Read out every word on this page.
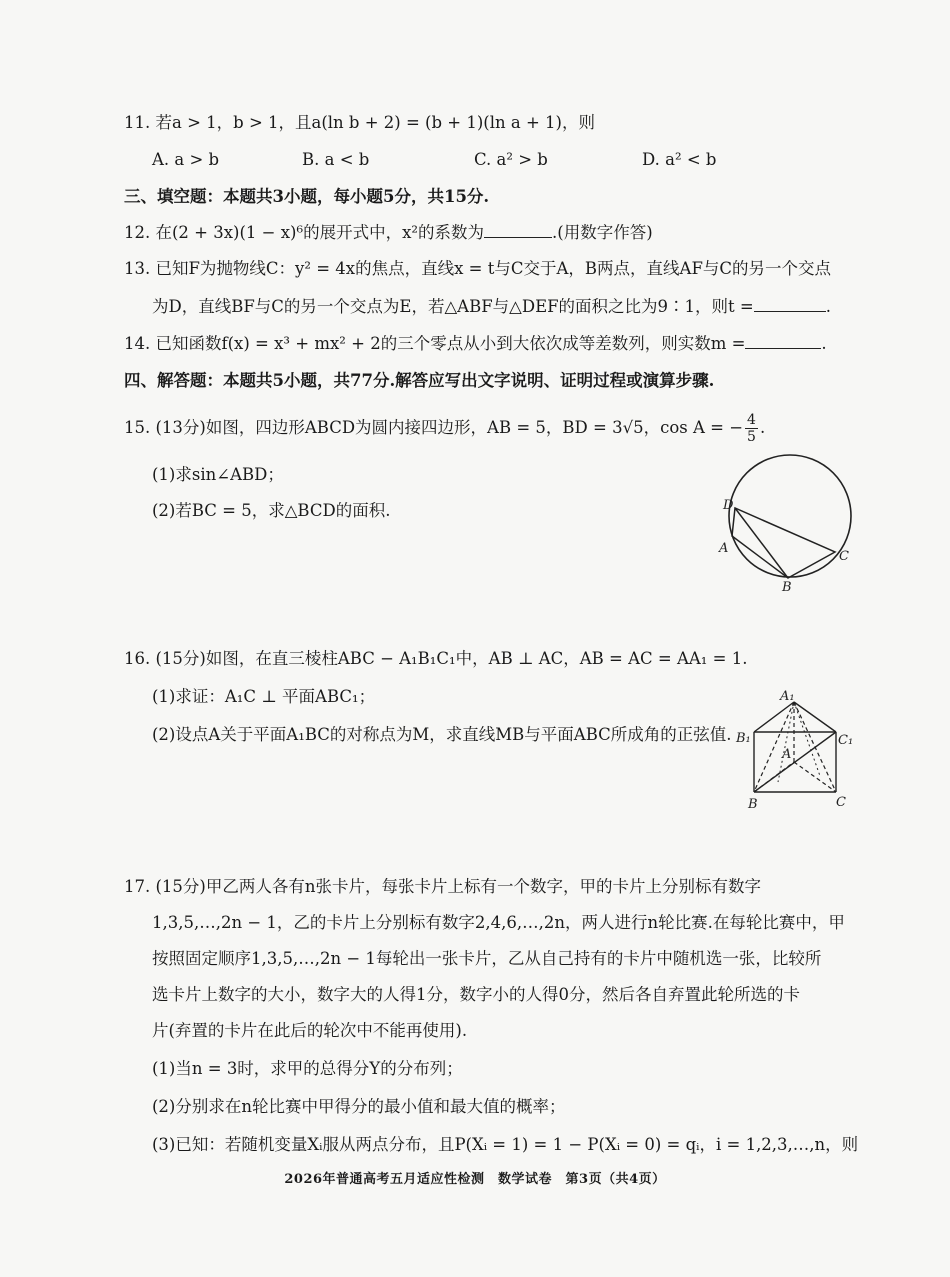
11. 若a > 1，b > 1，且a(ln b + 2) = (b + 1)(ln a + 1)，则
A. a > b	B. a < b	C. a² > b	D. a² < b
三、填空题：本题共3小题，每小题5分，共15分.
12. 在(2 + 3x)(1 − x)⁶的展开式中，x²的系数为	.(用数字作答)
13. 已知F为抛物线C：y² = 4x的焦点，直线x = t与C交于A，B两点，直线AF与C的另一个交点
为D，直线BF与C的另一个交点为E，若△ABF与△DEF的面积之比为9∶1，则t =	.
14. 已知函数f(x) = x³ + mx² + 2的三个零点从小到大依次成等差数列，则实数m =	.
四、解答题：本题共5小题，共77分.解答应写出文字说明、证明过程或演算步骤.
15. (13分)如图，四边形ABCD为圆内接四边形，AB = 5，BD = 3√5，cos A = − $\frac{4}{5}$ .
(1)求sin∠ABD；
(2)若BC = 5，求△BCD的面积.	D
A
B
C
16. (15分)如图，在直三棱柱ABC − A₁B₁C₁中，AB ⊥ AC，AB = AC = AA₁ = 1.
(1)求证：A₁C ⊥ 平面ABC₁；
(2)设点A关于平面A₁BC的对称点为M，求直线MB与平面ABC所成角的正弦值.
A₁
B₁	C₁
A
B	C
17. (15分)甲乙两人各有n张卡片，每张卡片上标有一个数字，甲的卡片上分别标有数字
1,3,5,…,2n − 1，乙的卡片上分别标有数字2,4,6,…,2n，两人进行n轮比赛.在每轮比赛中，甲
按照固定顺序1,3,5,…,2n − 1每轮出一张卡片，乙从自己持有的卡片中随机选一张，比较所
选卡片上数字的大小，数字大的人得1分，数字小的人得0分，然后各自弃置此轮所选的卡
片(弃置的卡片在此后的轮次中不能再使用).
(1)当n = 3时，求甲的总得分Y的分布列；
(2)分别求在n轮比赛中甲得分的最小值和最大值的概率；
(3)已知：若随机变量Xᵢ服从两点分布，且P(Xᵢ = 1) = 1 − P(Xᵢ = 0) = qᵢ，i = 1,2,3,…,n，则
2026年普通高考五月适应性检测　数学试卷　第3页（共4页）
